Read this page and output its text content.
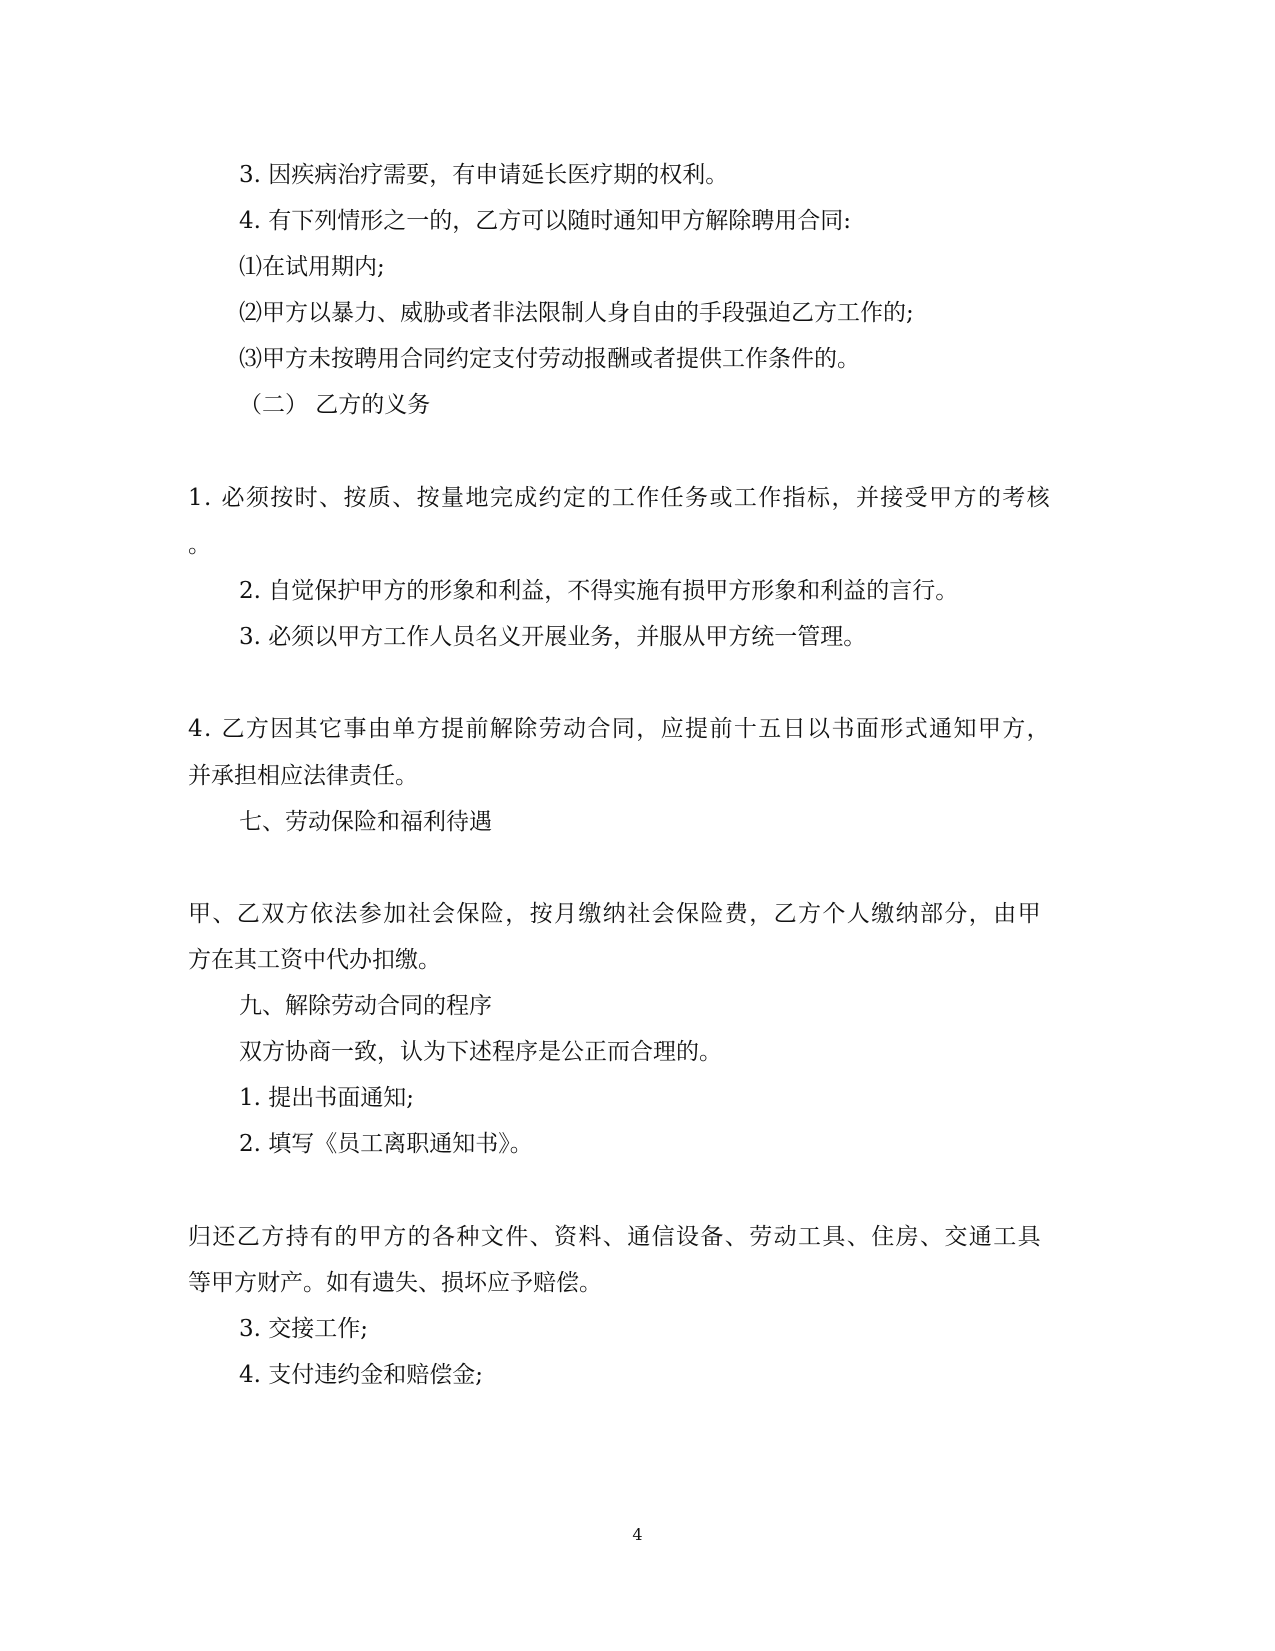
3. 因疾病治疗需要，有申请延长医疗期的权利。
4. 有下列情形之一的，乙方可以随时通知甲方解除聘用合同:
⑴在试用期内;
⑵甲方以暴力、威胁或者非法限制人身自由的手段强迫乙方工作的;
⑶甲方未按聘用合同约定支付劳动报酬或者提供工作条件的。
（二） 乙方的义务
1. 必须按时、按质、按量地完成约定的工作任务或工作指标，并接受甲方的考核
。
2. 自觉保护甲方的形象和利益，不得实施有损甲方形象和利益的言行。
3. 必须以甲方工作人员名义开展业务，并服从甲方统一管理。
4. 乙方因其它事由单方提前解除劳动合同，应提前十五日以书面形式通知甲方，
并承担相应法律责任。
七、劳动保险和福利待遇
甲、乙双方依法参加社会保险，按月缴纳社会保险费，乙方个人缴纳部分，由甲
方在其工资中代办扣缴。
九、解除劳动合同的程序
双方协商一致，认为下述程序是公正而合理的。
1. 提出书面通知;
2. 填写《员工离职通知书》。
归还乙方持有的甲方的各种文件、资料、通信设备、劳动工具、住房、交通工具
等甲方财产。如有遗失、损坏应予赔偿。
3. 交接工作;
4. 支付违约金和赔偿金;
4
